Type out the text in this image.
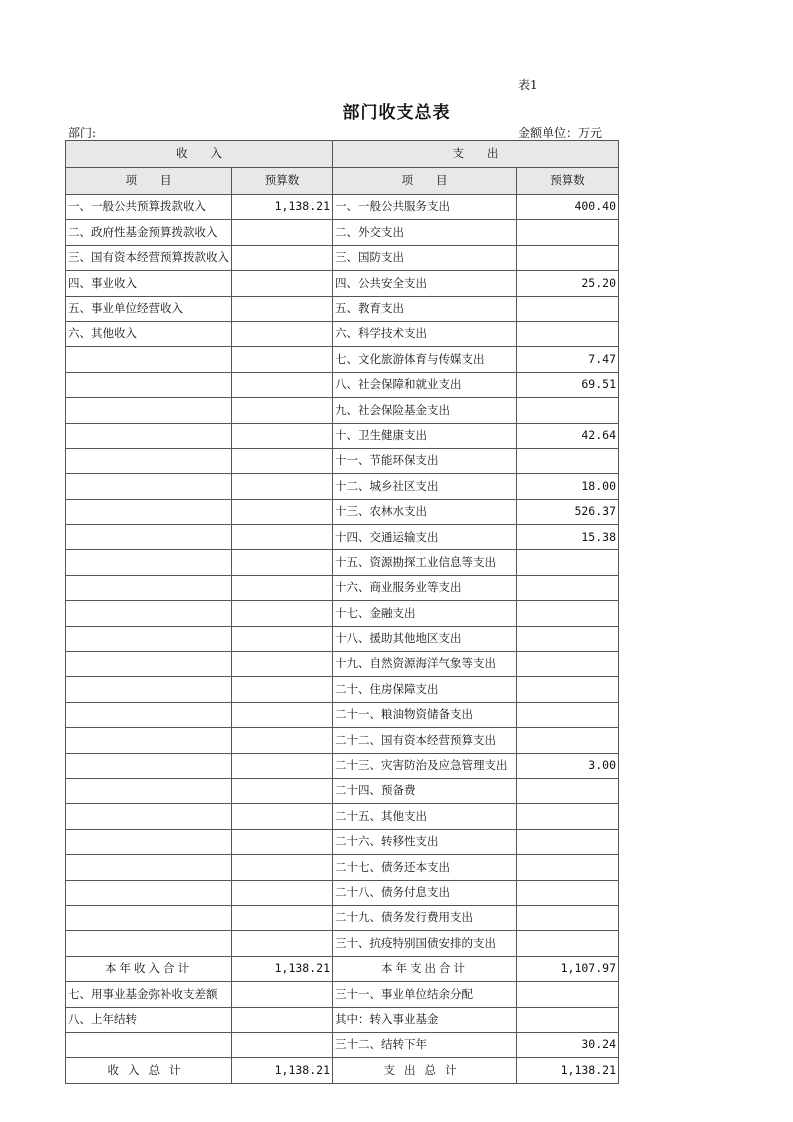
表1
部门收支总表
部门:	金额单位：万元
收　　入		支　　出	
项　　目	预算数	项　　目	预算数
一、一般公共预算拨款收入	1,138.21	一、一般公共服务支出	400.40
二、政府性基金预算拨款收入		二、外交支出	
三、国有资本经营预算拨款收入		三、国防支出	
四、事业收入		四、公共安全支出	25.20
五、事业单位经营收入		五、教育支出	
六、其他收入		六、科学技术支出	
		七、文化旅游体育与传媒支出	7.47
		八、社会保障和就业支出	69.51
		九、社会保险基金支出	
		十、卫生健康支出	42.64
		十一、节能环保支出	
		十二、城乡社区支出	18.00
		十三、农林水支出	526.37
		十四、交通运输支出	15.38
		十五、资源勘探工业信息等支出	
		十六、商业服务业等支出	
		十七、金融支出	
		十八、援助其他地区支出	
		十九、自然资源海洋气象等支出	
		二十、住房保障支出	
		二十一、粮油物资储备支出	
		二十二、国有资本经营预算支出	
		二十三、灾害防治及应急管理支出	3.00
		二十四、预备费	
		二十五、其他支出	
		二十六、转移性支出	
		二十七、债务还本支出	
		二十八、债务付息支出	
		二十九、债务发行费用支出	
		三十、抗疫特别国债安排的支出	
本年收入合计	1,138.21	本年支出合计	1,107.97
七、用事业基金弥补收支差额		三十一、事业单位结余分配	
八、上年结转		其中：转入事业基金	
		三十二、结转下年	30.24
收入总计	1,138.21	支出总计	1,138.21
